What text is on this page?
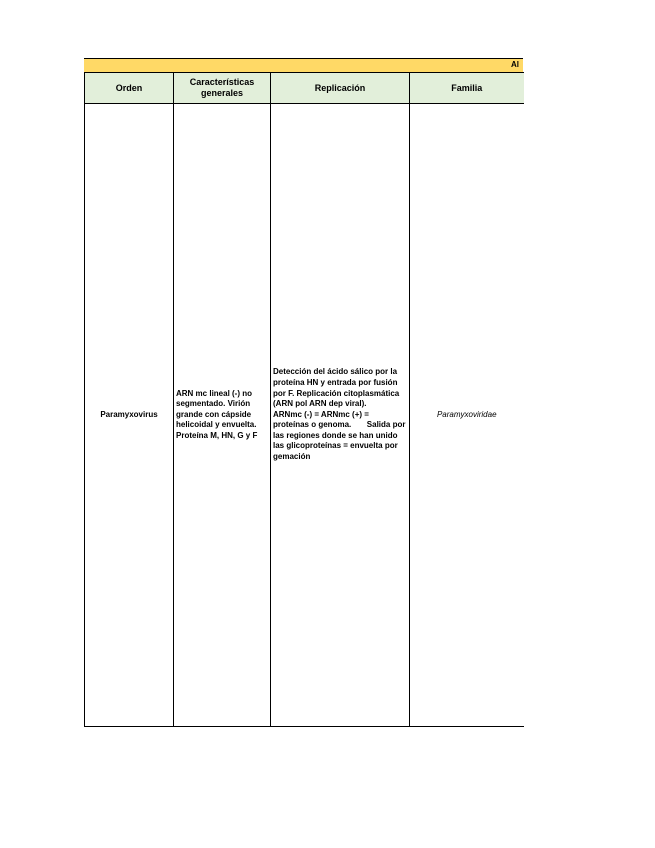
Al
Orden	Características generales	Replicación	Familia
Paramyxovirus	ARN mc lineal (-) no segmentado. Virión grande con cápside helicoidal y envuelta. Proteína M, HN, G y F	Detección del ácido sálico por la proteína HN y entrada por fusión por F. Replicación citoplasmática (ARN pol ARN dep viral).            ARNmc (-) = ARNmc (+) = proteínas o genoma.       Salida por las regiones donde se han unido las glicoproteínas = envuelta por gemación	Paramyxoviridae
